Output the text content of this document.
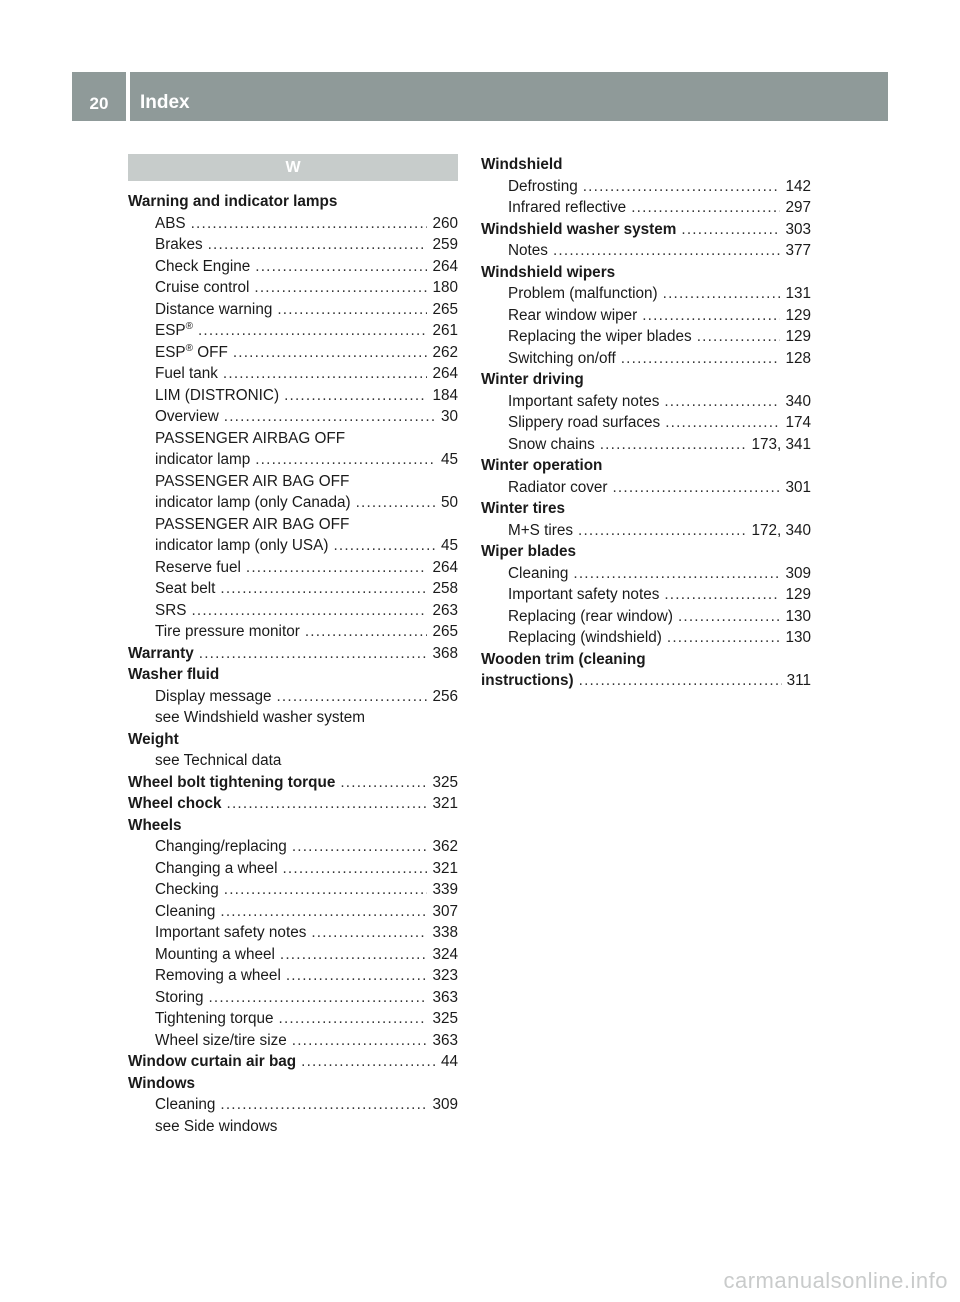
20	Index
W
Warning and indicator lamps
ABS .....	260
Brakes .....	259
Check Engine .....	264
Cruise control .....	180
Distance warning .....	265
ESP® .....	261
ESP® OFF .....	262
Fuel tank .....	264
LIM (DISTRONIC) .....	184
Overview .....	30
PASSENGER AIRBAG OFF
indicator lamp .....	45
PASSENGER AIR BAG OFF
indicator lamp (only Canada) .....	50
PASSENGER AIR BAG OFF
indicator lamp (only USA) .....	45
Reserve fuel .....	264
Seat belt .....	258
SRS .....	263
Tire pressure monitor .....	265
Warranty .....	368
Washer fluid
Display message .....	256
see Windshield washer system
Weight
see Technical data
Wheel bolt tightening torque .....	325
Wheel chock .....	321
Wheels
Changing/replacing .....	362
Changing a wheel .....	321
Checking .....	339
Cleaning .....	307
Important safety notes .....	338
Mounting a wheel .....	324
Removing a wheel .....	323
Storing .....	363
Tightening torque .....	325
Wheel size/tire size .....	363
Window curtain air bag .....	44
Windows
Cleaning .....	309
see Side windows
Windshield
Defrosting .....	142
Infrared reflective .....	297
Windshield washer system .....	303
Notes .....	377
Windshield wipers
Problem (malfunction) .....	131
Rear window wiper .....	129
Replacing the wiper blades .....	129
Switching on/off .....	128
Winter driving
Important safety notes .....	340
Slippery road surfaces .....	174
Snow chains .....	173, 341
Winter operation
Radiator cover .....	301
Winter tires
M+S tires .....	172, 340
Wiper blades
Cleaning .....	309
Important safety notes .....	129
Replacing (rear window) .....	130
Replacing (windshield) .....	130
Wooden trim (cleaning
instructions) .....	311
carmanualsonline.info
